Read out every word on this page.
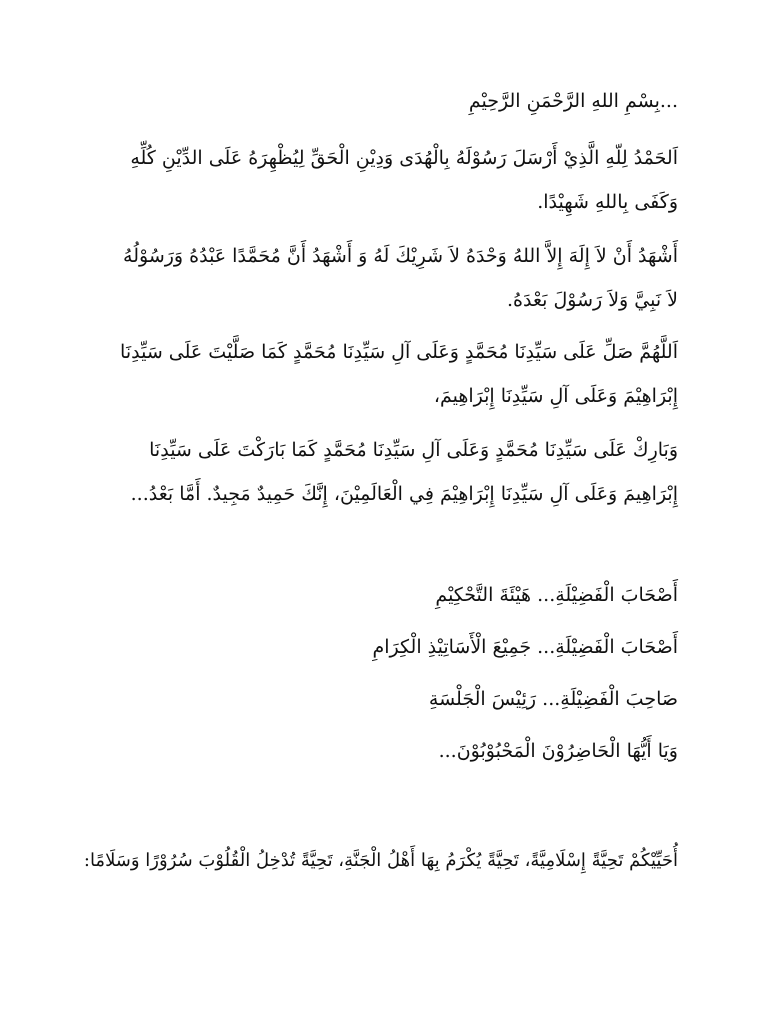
...بِسْمِ اللهِ الرَّحْمَنِ الرَّحِيْمِ
اَلحَمْدُ لِلّهِ الَّذِيْ أَرْسَلَ رَسُوْلَهُ بِالْهُدَى وَدِيْنِ الْحَقِّ لِيُظْهِرَهُ عَلَى الدِّيْنِ كُلِّهِ وَكَفَى بِاللهِ شَهِيْدًا.
أَشْهَدُ أَنْ لاَ إِلَهَ إِلاَّ اللهُ وَحْدَهُ لاَ شَرِيْكَ لَهُ وَ أَشْهَدُ أَنَّ مُحَمَّدًا عَبْدُهُ وَرَسُوْلُهُ لاَ نَبِيَّ وَلاَ رَسُوْلَ بَعْدَهُ.
اَللَّهُمَّ صَلِّ عَلَى سَيِّدِنَا مُحَمَّدٍ وَعَلَى آلِ سَيِّدِنَا مُحَمَّدٍ كَمَا صَلَّيْتَ عَلَى سَيِّدِنَا إِبْرَاهِيْمَ وَعَلَى آلِ سَيِّدِنَا إِبْرَاهِيمَ،
وَبَارِكْ عَلَى سَيِّدِنَا مُحَمَّدٍ وَعَلَى آلِ سَيِّدِنَا مُحَمَّدٍ كَمَا بَارَكْتَ عَلَى سَيِّدِنَا إِبْرَاهِيمَ وَعَلَى آلِ سَيِّدِنَا إِبْرَاهِيْمَ فِي الْعَالَمِيْنَ، إِنَّكَ حَمِيدٌ مَجِيدٌ. أَمَّا بَعْدُ...
أَصْحَابَ الْفَضِيْلَةِ... هَيْئَةَ التَّحْكِيْمِ
أَصْحَابَ الْفَضِيْلَةِ... جَمِيْعَ الْأَسَاتِيْذِ الْكِرَامِ
صَاحِبَ الْفَضِيْلَةِ... رَئِيْسَ الْجَلْسَةِ
وَيَا أَيُّهَا الْحَاضِرُوْنَ الْمَحْبُوْبُوْنَ...
أُحَيِّيْكُمْ تَحِيَّةً إِسْلَامِيَّةً، تَحِيَّةً يُكْرَمُ بِهَا أَهْلُ الْجَنَّةِ، تَحِيَّةً تُدْخِلُ الْقُلُوْبَ سُرُوْرًا وَسَلَامًا:
